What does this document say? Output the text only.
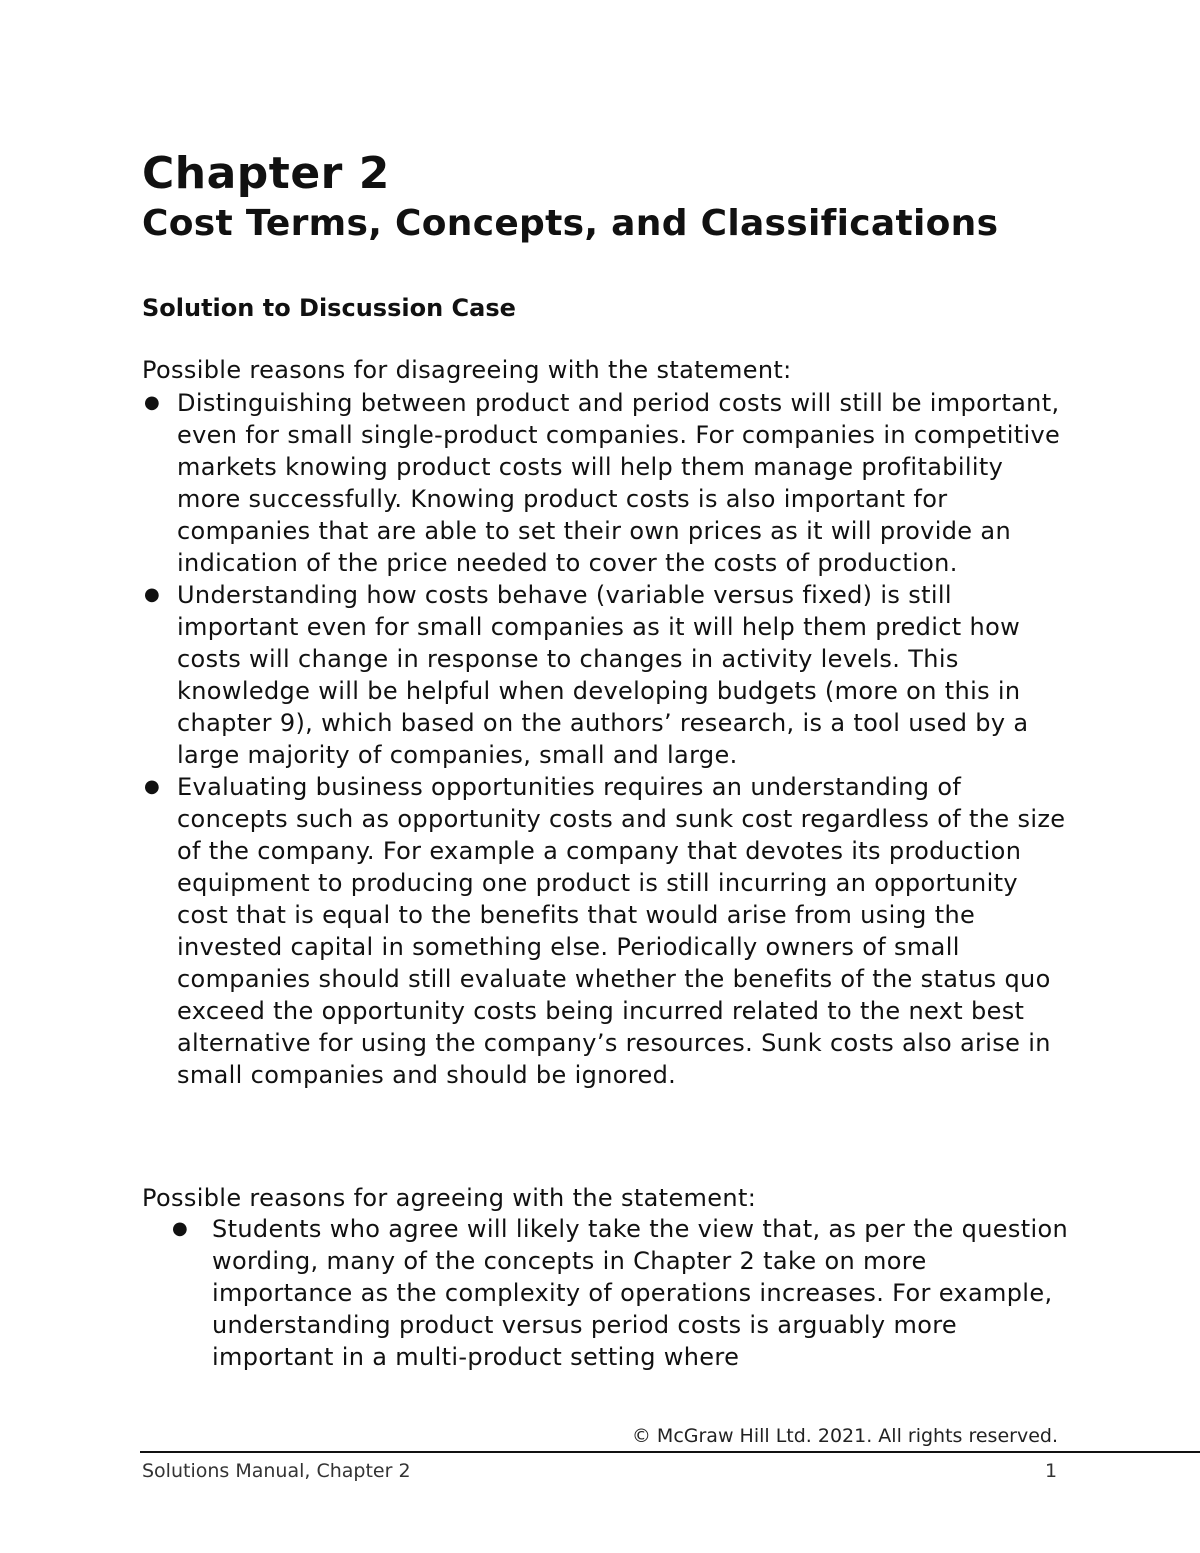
Chapter 2
Cost Terms, Concepts, and Classifications
Solution to Discussion Case

Possible reasons for disagreeing with the statement:

● Distinguishing between product and period costs will still be important, even for small single-product companies. For companies in competitive markets knowing product costs will help them manage profitability more successfully. Knowing product costs is also important for companies that are able to set their own prices as it will provide an indication of the price needed to cover the costs of production.
● Understanding how costs behave (variable versus fixed) is still important even for small companies as it will help them predict how costs will change in response to changes in activity levels. This knowledge will be helpful when developing budgets (more on this in chapter 9), which based on the authors’ research, is a tool used by a large majority of companies, small and large.
● Evaluating business opportunities requires an understanding of concepts such as opportunity costs and sunk cost regardless of the size of the company. For example a company that devotes its production equipment to producing one product is still incurring an opportunity cost that is equal to the benefits that would arise from using the invested capital in something else. Periodically owners of small companies should still evaluate whether the benefits of the status quo exceed the opportunity costs being incurred related to the next best alternative for using the company’s resources. Sunk costs also arise in small companies and should be ignored.

Possible reasons for agreeing with the statement:

● Students who agree will likely take the view that, as per the question wording, many of the concepts in Chapter 2 take on more importance as the complexity of operations increases. For example, understanding product versus period costs is arguably more important in a multi-product setting where

© McGraw Hill Ltd. 2021. All rights reserved.

Solutions Manual, Chapter 2	1
